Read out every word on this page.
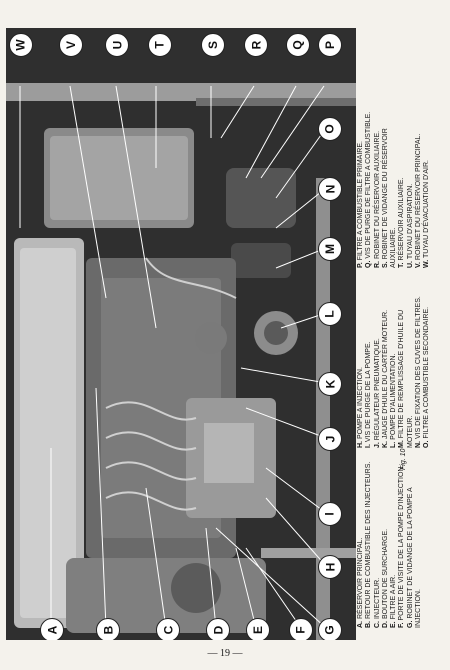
A	B	C	D E F G
H
I
J
K
L
M
N
O
P
Q
R
S
T
U
V
W
Fig. 10
A. RÉSERVOIR PRINCIPAL.
B. RETOUR DE COMBUSTIBLE DES INJECTEURS.
C. INJECTEUR.
D. BOUTON DE SURCHARGE.
E. FILTRE A AIR.
F. PORTE DE VISITE DE LA POMPE D'INJECTION.
G. ROBINET DE VIDANGE DE LA POMPE A INJECTION.
H. POMPE A INJECTION.
I. VIS DE PURGE DE LA POMPE.
J. RÉGULATEUR PNEUMATIQUE.
K. JAUGE D'HUILE DU CARTER MOTEUR.
L. POMPE D'ALIMENTATION.
M. FILTRE DE REMPLISSAGE D'HUILE DU MOTEUR. N. VIS DE FIXATION DES CUVES DE FILTRES.
O. FILTRE A COMBUSTIBLE SECONDAIRE.
P. FILTRE A COMBUSTIBLE PRIMAIRE.
Q. VIS DE PURGE DE FILTRE A COMBUSTIBLE.
R. ROBINET DU RÉSERVOIR AUXILIAIRE.
S. ROBINET DE VIDANGE DU RÉSERVOIR AUXILIAIRE. T. RÉSERVOIR AUXILIAIRE.
U. TUYAU D'ASPIRATION.
V. ROBINET DU RÉSERVOIR PRINCIPAL.
W. TUYAU D'ÉVACUATION D'AIR.
— 19 —
